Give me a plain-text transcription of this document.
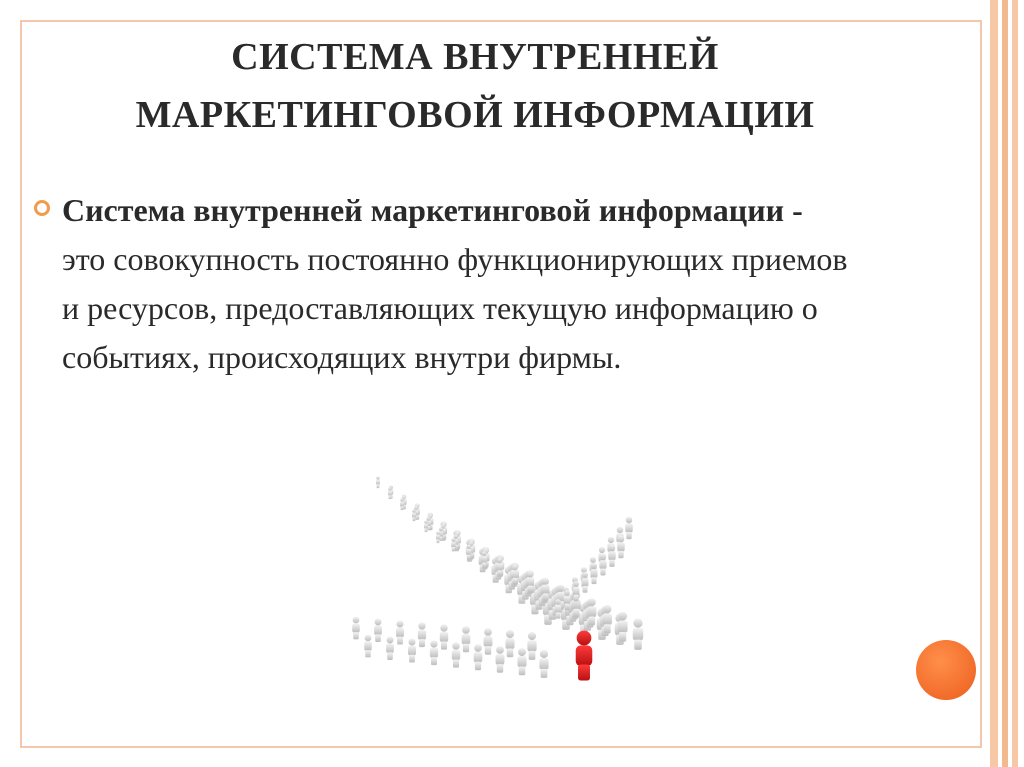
СИСТЕМА ВНУТРЕННЕЙ
МАРКЕТИНГОВОЙ ИНФОРМАЦИИ
Система внутренней маркетинговой информации - это совокупность постоянно функционирующих приемов и ресурсов, предоставляющих текущую информацию о событиях, происходящих внутри фирмы.
